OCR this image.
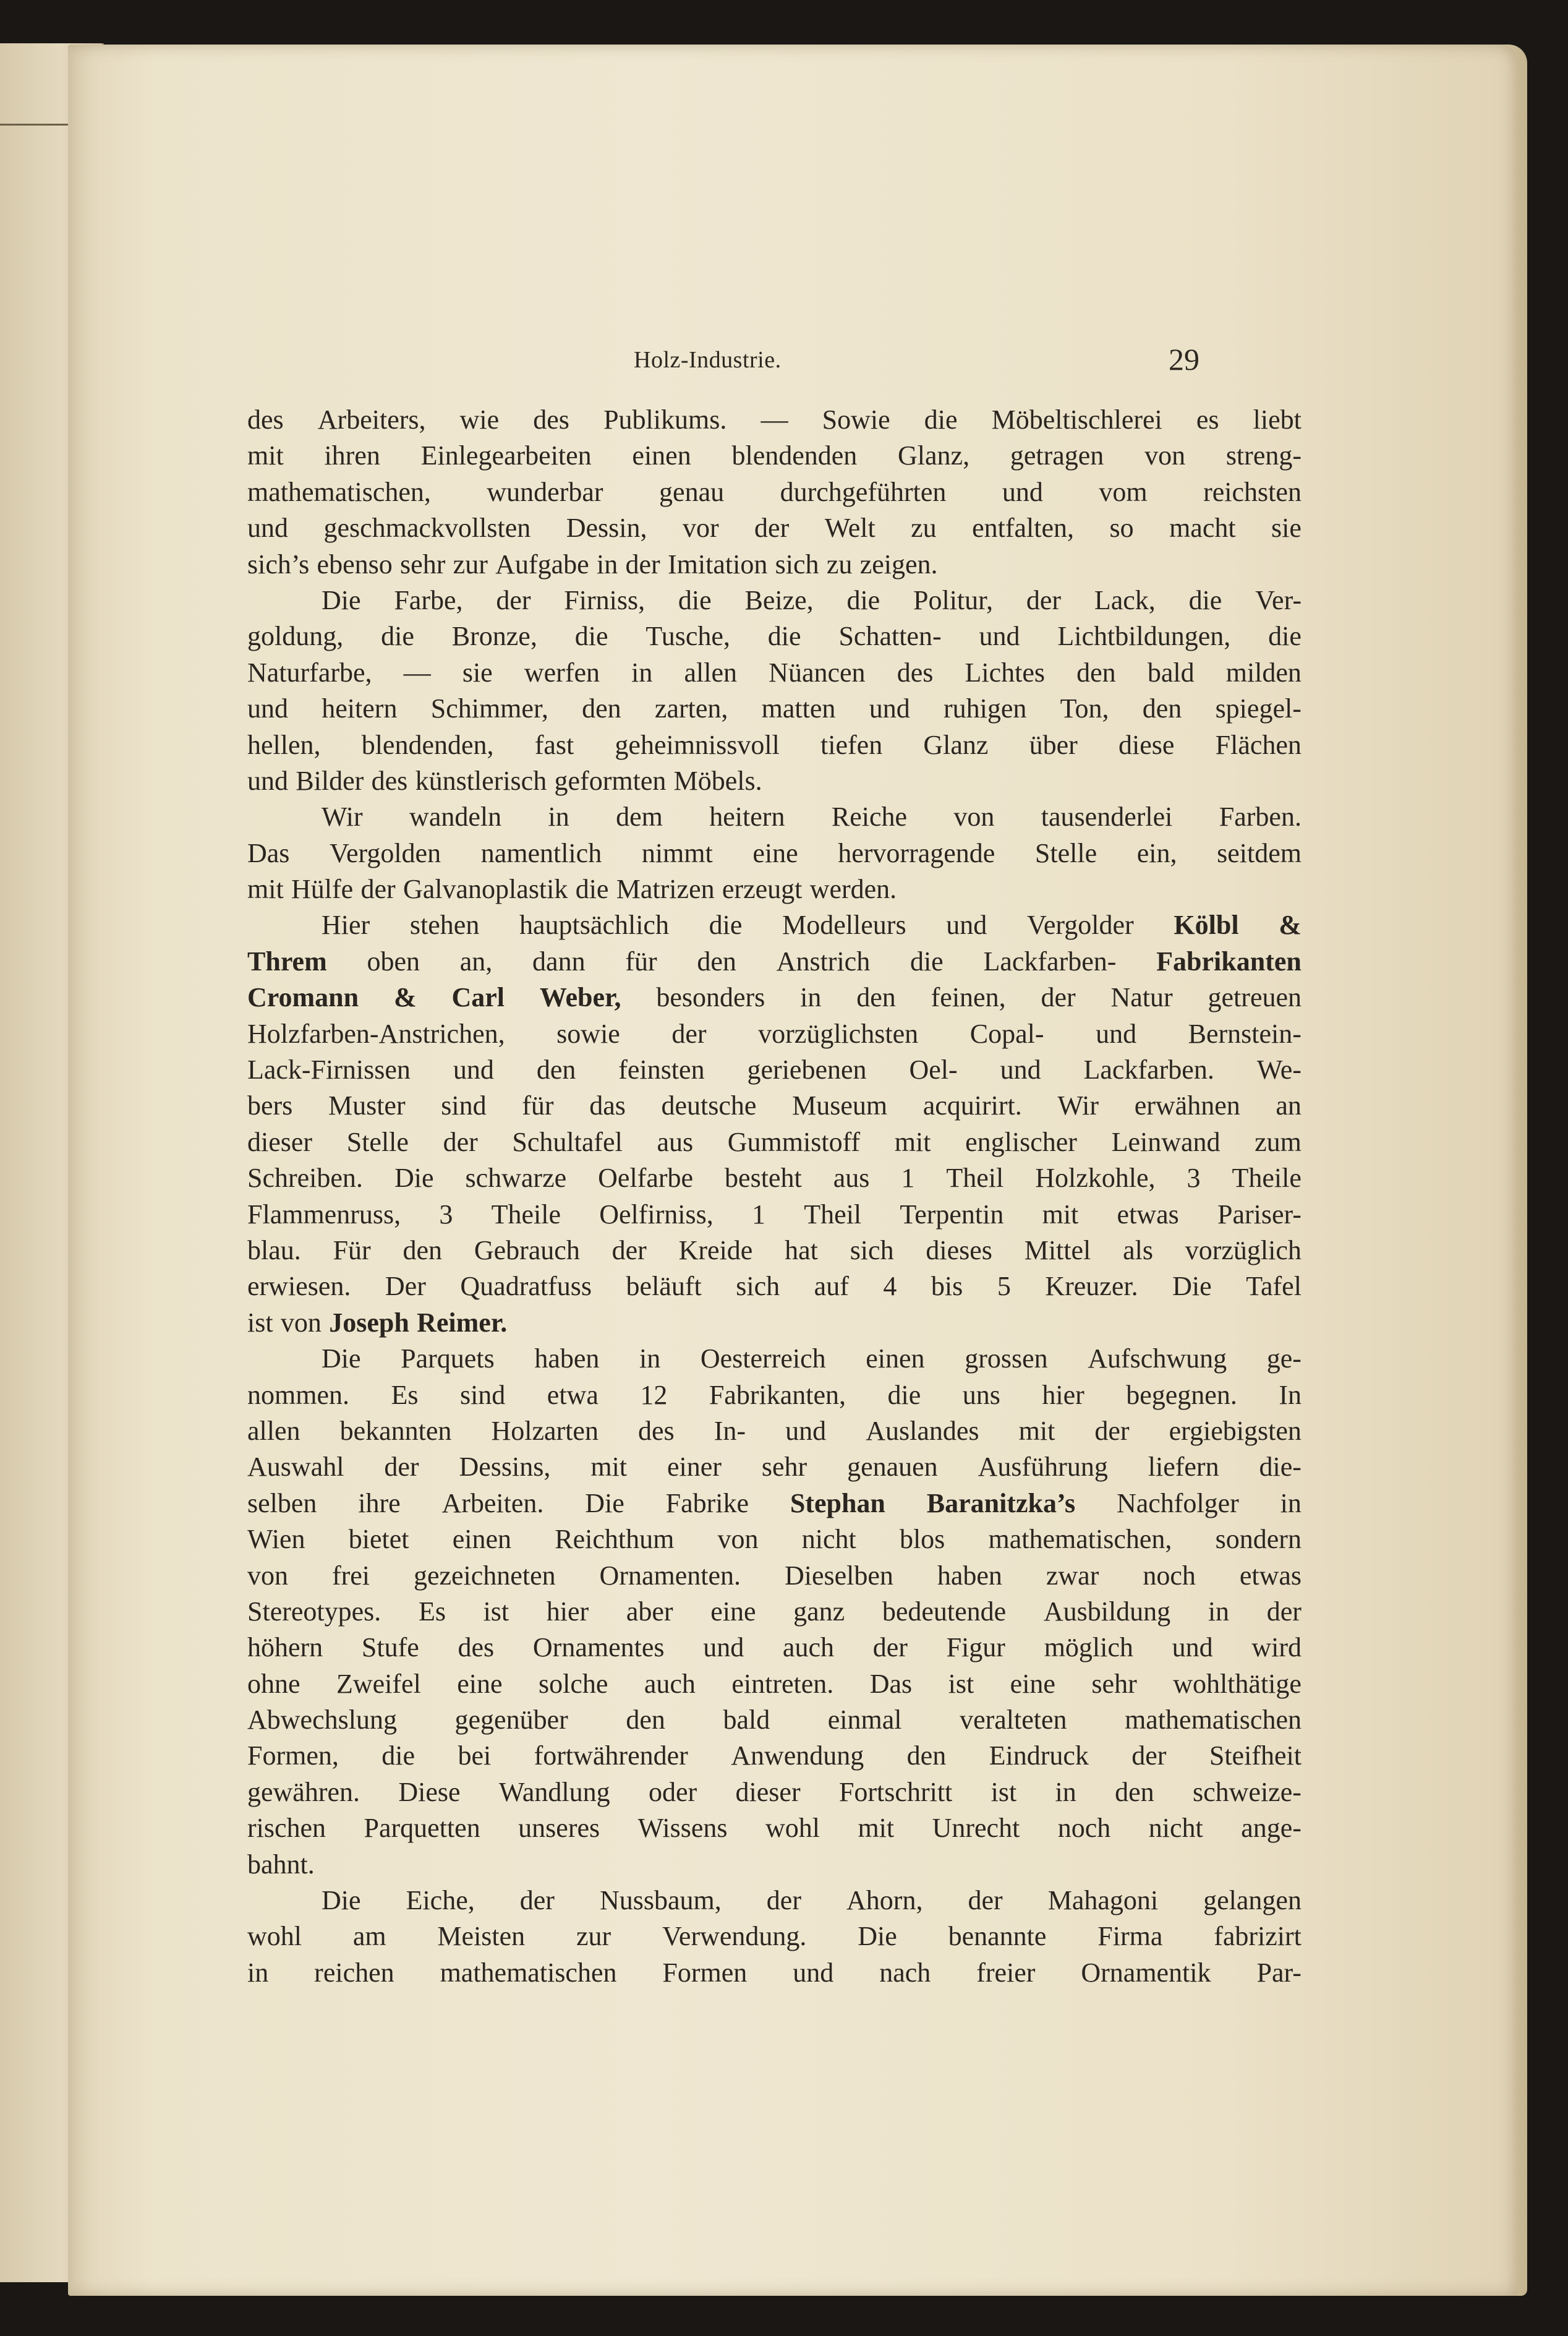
Holz-Industrie.	29
des Arbeiters, wie des Publikums. — Sowie die Möbeltischlerei es liebt
mit ihren Einlegearbeiten einen blendenden Glanz, getragen von streng-
mathematischen, wunderbar genau durchgeführten und vom reichsten
und geschmackvollsten Dessin, vor der Welt zu entfalten, so macht sie
sich’s ebenso sehr zur Aufgabe in der Imitation sich zu zeigen.
Die Farbe, der Firniss, die Beize, die Politur, der Lack, die Ver-
goldung, die Bronze, die Tusche, die Schatten- und Lichtbildungen, die
Naturfarbe, — sie werfen in allen Nüancen des Lichtes den bald milden
und heitern Schimmer, den zarten, matten und ruhigen Ton, den spiegel-
hellen, blendenden, fast geheimnissvoll tiefen Glanz über diese Flächen
und Bilder des künstlerisch geformten Möbels.
Wir wandeln in dem heitern Reiche von tausenderlei Farben.
Das Vergolden namentlich nimmt eine hervorragende Stelle ein, seitdem
mit Hülfe der Galvanoplastik die Matrizen erzeugt werden.
Hier stehen hauptsächlich die Modelleurs und Vergolder Kölbl &
Threm oben an, dann für den Anstrich die Lackfarben- Fabrikanten
Cromann & Carl Weber, besonders in den feinen, der Natur getreuen
Holzfarben-Anstrichen, sowie der vorzüglichsten Copal- und Bernstein-
Lack-Firnissen und den feinsten geriebenen Oel- und Lackfarben. We-
bers Muster sind für das deutsche Museum acquirirt. Wir erwähnen an
dieser Stelle der Schultafel aus Gummistoff mit englischer Leinwand zum
Schreiben. Die schwarze Oelfarbe besteht aus 1 Theil Holzkohle, 3 Theile
Flammenruss, 3 Theile Oelfirniss, 1 Theil Terpentin mit etwas Pariser-
blau. Für den Gebrauch der Kreide hat sich dieses Mittel als vorzüglich
erwiesen. Der Quadratfuss beläuft sich auf 4 bis 5 Kreuzer. Die Tafel
ist von Joseph Reimer.
Die Parquets haben in Oesterreich einen grossen Aufschwung ge-
nommen. Es sind etwa 12 Fabrikanten, die uns hier begegnen. In
allen bekannten Holzarten des In- und Auslandes mit der ergiebigsten
Auswahl der Dessins, mit einer sehr genauen Ausführung liefern die-
selben ihre Arbeiten. Die Fabrike Stephan Baranitzka’s Nachfolger in
Wien bietet einen Reichthum von nicht blos mathematischen, sondern
von frei gezeichneten Ornamenten. Dieselben haben zwar noch etwas
Stereotypes. Es ist hier aber eine ganz bedeutende Ausbildung in der
höhern Stufe des Ornamentes und auch der Figur möglich und wird
ohne Zweifel eine solche auch eintreten. Das ist eine sehr wohlthätige
Abwechslung gegenüber den bald einmal veralteten mathematischen
Formen, die bei fortwährender Anwendung den Eindruck der Steifheit
gewähren. Diese Wandlung oder dieser Fortschritt ist in den schweize-
rischen Parquetten unseres Wissens wohl mit Unrecht noch nicht ange-
bahnt.
Die Eiche, der Nussbaum, der Ahorn, der Mahagoni gelangen
wohl am Meisten zur Verwendung. Die benannte Firma fabrizirt
in reichen mathematischen Formen und nach freier Ornamentik Par-
